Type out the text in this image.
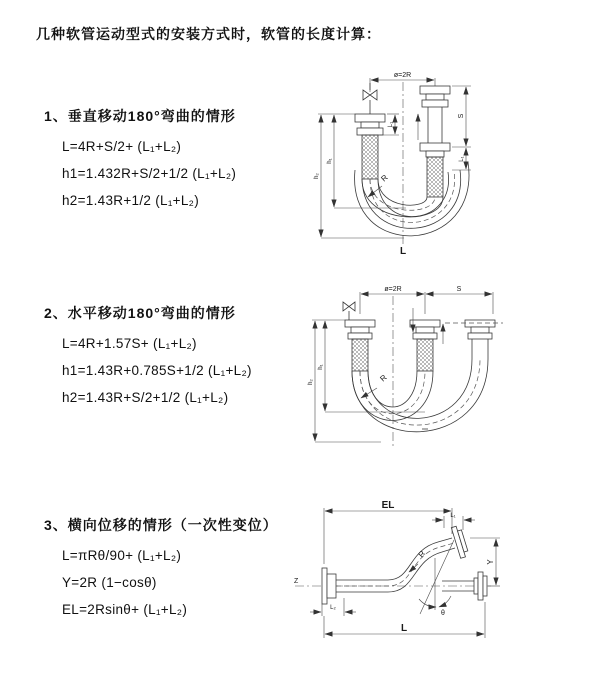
几种软管运动型式的安装方式时，软管的长度计算：
1、垂直移动180°弯曲的情形
L=4R+S/2+ (L₁+L₂)
h1=1.432R+S/2+1/2 (L₁+L₂)
h2=1.43R+1/2 (L₁+L₂)
2、水平移动180°弯曲的情形
L=4R+1.57S+ (L₁+L₂)
h1=1.43R+0.785S+1/2 (L₁+L₂)
h2=1.43R+S/2+1/2 (L₁+L₂)
3、横向位移的情形（一次性变位）
L=πRθ/90+ (L₁+L₂)
Y=2R (1−cosθ)
EL=2Rsinθ+ (L₁+L₂)
ø=2R
L₁
S
L₁
h₁
h₂	R
L
ø=2R	S
h₁
h₂	R
Z
θ
R
EL
L₁
Y
L₂
L
